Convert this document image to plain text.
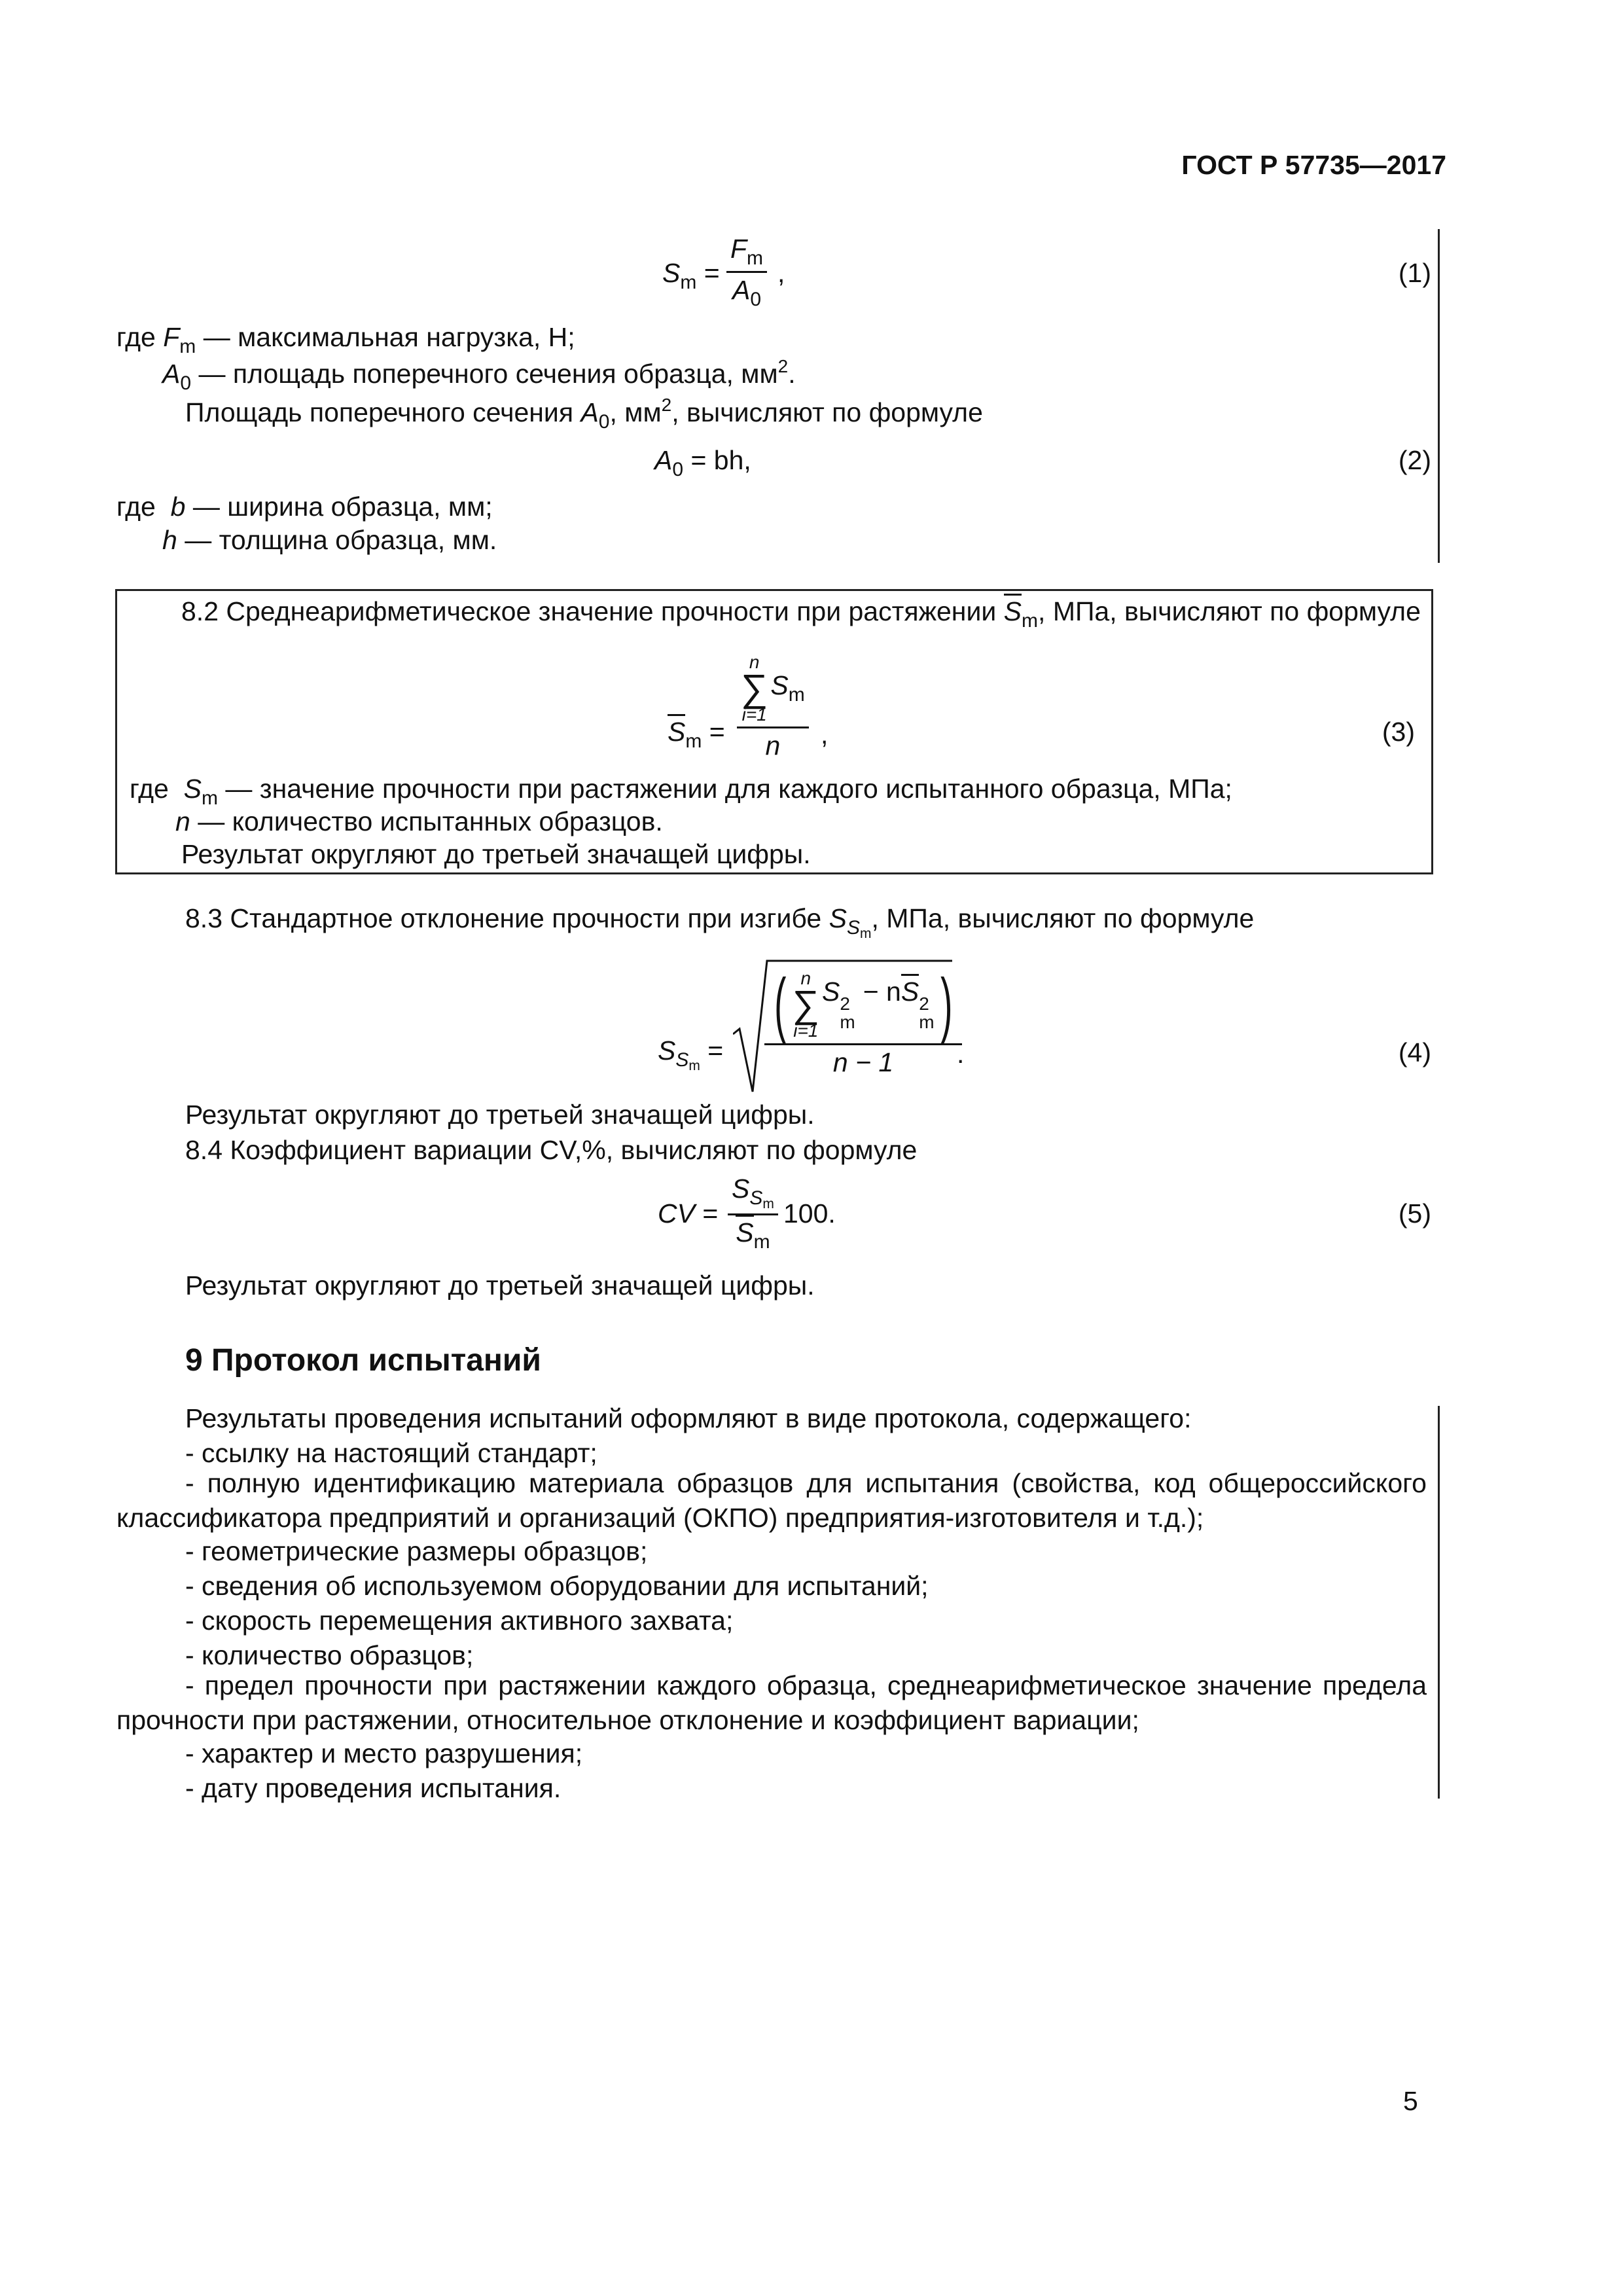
ГОСТ Р 57735—2017
$S_m = \frac{F_m}{A_0}$ ,	(1)
где $F_m$ — максимальная нагрузка, Н;
$A_0$ — площадь поперечного сечения образца, $мм^2$.
Площадь поперечного сечения $A_0$, $мм^2$, вычисляют по формуле
$A_0$ = bh,	(2)
где b — ширина образца, мм;
h — толщина образца, мм.
8.2 Среднеарифметическое значение прочности при растяжении $S_m$, МПа, вычисляют по формуле
$S_m = n$
∑
i=1
$S_m$
n ,	(3)
где $S_m$ — значение прочности при растяжении для каждого испытанного образца, МПа;
n — количество испытанных образцов.
Результат округляют до третьей значащей цифры.
8.3 Стандартное отклонение прочности при изгибе $S_{S_m}$, МПа, вычисляют по формуле
$S_{S_m}$ =
( n
∑
i=1
S 2
m
− nS 2
m )
n − 1 .	(4)
Результат округляют до третьей значащей цифры.
8.4 Коэффициент вариации CV,%, вычисляют по формуле
CV =
$S_{S_m}$
$S_m$
100.	(5)
Результат округляют до третьей значащей цифры.
9 Протокол испытаний
Результаты проведения испытаний оформляют в виде протокола, содержащего:
- ссылку на настоящий стандарт;
- полную идентификацию материала образцов для испытания (свойства, код общероссийского классификатора предприятий и организаций (ОКПО) предприятия-изготовителя и т.д.);
- геометрические размеры образцов;
- сведения об используемом оборудовании для испытаний;
- скорость перемещения активного захвата;
- количество образцов;
- предел прочности при растяжении каждого образца, среднеарифметическое значение предела прочности при растяжении, относительное отклонение и коэффициент вариации;
- характер и место разрушения;
- дату проведения испытания.
5
